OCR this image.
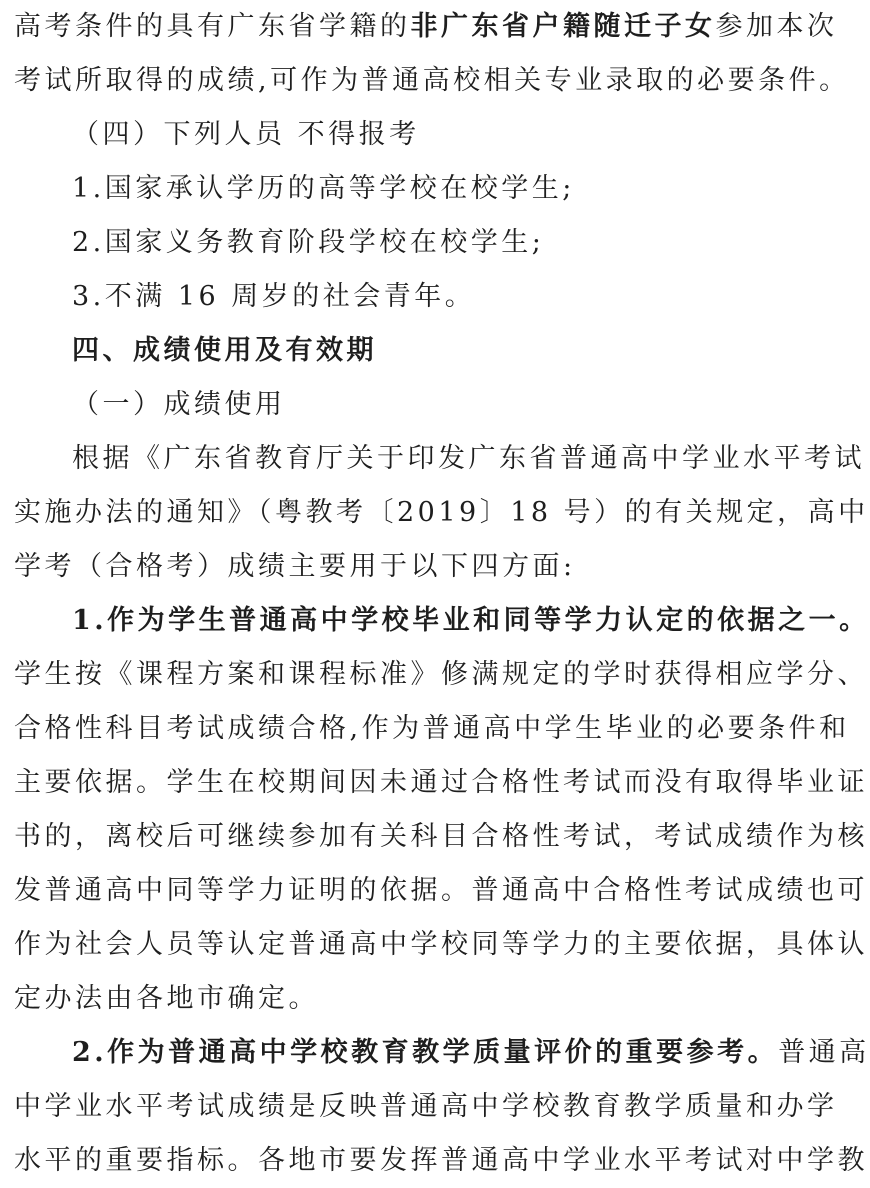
高考条件的具有广东省学籍的非广东省户籍随迁子女参加本次
考试所取得的成绩,可作为普通高校相关专业录取的必要条件。
（四）下列人员 不得报考
1.国家承认学历的高等学校在校学生;
2.国家义务教育阶段学校在校学生;
3.不满 16 周岁的社会青年。
四、成绩使用及有效期
（一）成绩使用
根据《广东省教育厅关于印发广东省普通高中学业水平考试
实施办法的通知》（粤教考〔2019〕18 号）的有关规定，高中
学考（合格考）成绩主要用于以下四方面:
1.作为学生普通高中学校毕业和同等学力认定的依据之一。
学生按《课程方案和课程标准》修满规定的学时获得相应学分、
合格性科目考试成绩合格,作为普通高中学生毕业的必要条件和
主要依据。学生在校期间因未通过合格性考试而没有取得毕业证
书的，离校后可继续参加有关科目合格性考试，考试成绩作为核
发普通高中同等学力证明的依据。普通高中合格性考试成绩也可
作为社会人员等认定普通高中学校同等学力的主要依据，具体认
定办法由各地市确定。
2.作为普通高中学校教育教学质量评价的重要参考。普通高
中学业水平考试成绩是反映普通高中学校教育教学质量和办学
水平的重要指标。各地市要发挥普通高中学业水平考试对中学教
